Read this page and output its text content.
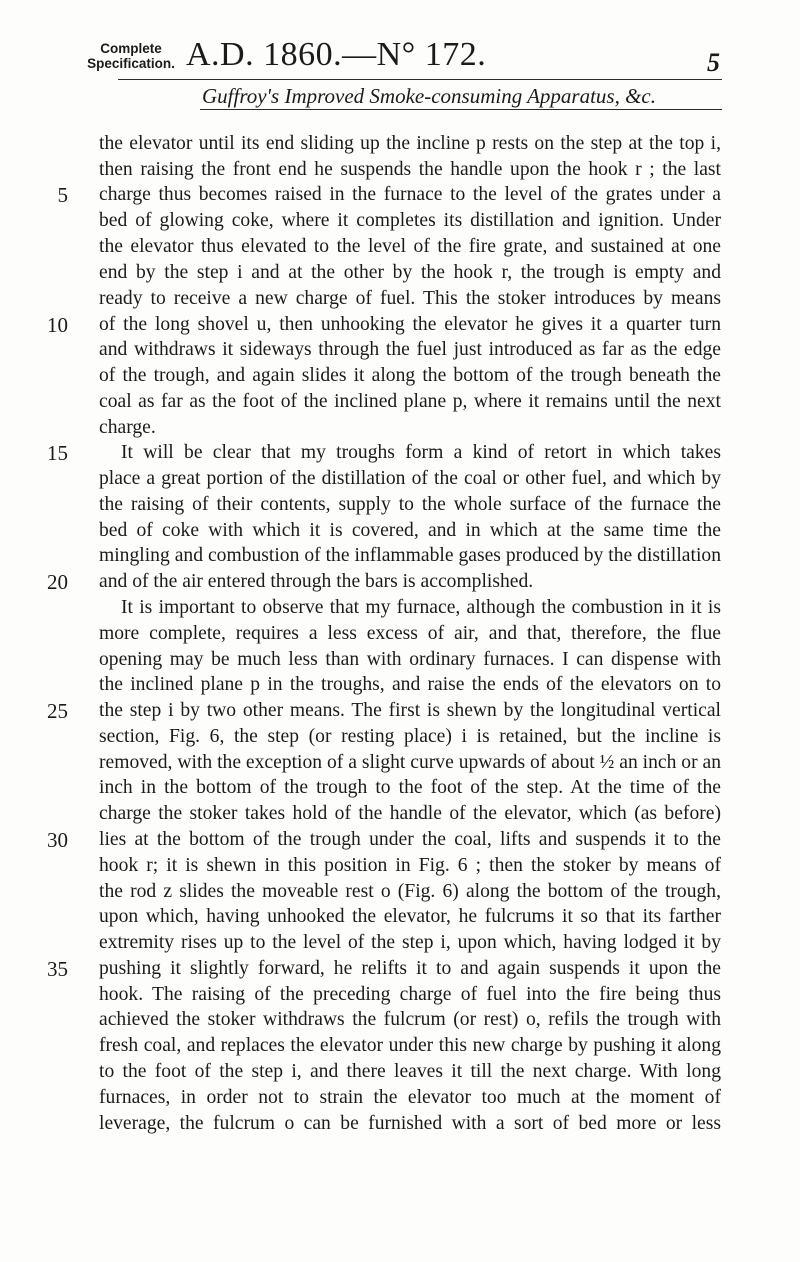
Complete
Specification. A.D. 1860.—N° 172.	5
Guffroy's Improved Smoke-consuming Apparatus, &c.
5
10
15
20
25
30
35
the elevator until its end sliding up the incline p rests on the step at the top i,
then raising the front end he suspends the handle upon the hook r ; the last
charge thus becomes raised in the furnace to the level of the grates under a
bed of glowing coke, where it completes its distillation and ignition. Under
the elevator thus elevated to the level of the fire grate, and sustained at one
end by the step i and at the other by the hook r, the trough is empty and
ready to receive a new charge of fuel. This the stoker introduces by means
of the long shovel u, then unhooking the elevator he gives it a quarter turn
and withdraws it sideways through the fuel just introduced as far as the edge
of the trough, and again slides it along the bottom of the trough beneath the
coal as far as the foot of the inclined plane p, where it remains until the next
charge.
It will be clear that my troughs form a kind of retort in which takes
place a great portion of the distillation of the coal or other fuel, and which by
the raising of their contents, supply to the whole surface of the furnace the
bed of coke with which it is covered, and in which at the same time the
mingling and combustion of the inflammable gases produced by the distillation
and of the air entered through the bars is accomplished.
It is important to observe that my furnace, although the combustion in it is
more complete, requires a less excess of air, and that, therefore, the flue
opening may be much less than with ordinary furnaces. I can dispense with
the inclined plane p in the troughs, and raise the ends of the elevators on to
the step i by two other means. The first is shewn by the longitudinal vertical
section, Fig. 6, the step (or resting place) i is retained, but the incline is
removed, with the exception of a slight curve upwards of about ½ an inch or an
inch in the bottom of the trough to the foot of the step. At the time of the
charge the stoker takes hold of the handle of the elevator, which (as before)
lies at the bottom of the trough under the coal, lifts and suspends it to the
hook r; it is shewn in this position in Fig. 6 ; then the stoker by means of
the rod z slides the moveable rest o (Fig. 6) along the bottom of the trough,
upon which, having unhooked the elevator, he fulcrums it so that its farther
extremity rises up to the level of the step i, upon which, having lodged it by
pushing it slightly forward, he relifts it to and again suspends it upon the
hook. The raising of the preceding charge of fuel into the fire being thus
achieved the stoker withdraws the fulcrum (or rest) o, refils the trough with
fresh coal, and replaces the elevator under this new charge by pushing it along
to the foot of the step i, and there leaves it till the next charge. With long
furnaces, in order not to strain the elevator too much at the moment of
leverage, the fulcrum o can be furnished with a sort of bed more or less
